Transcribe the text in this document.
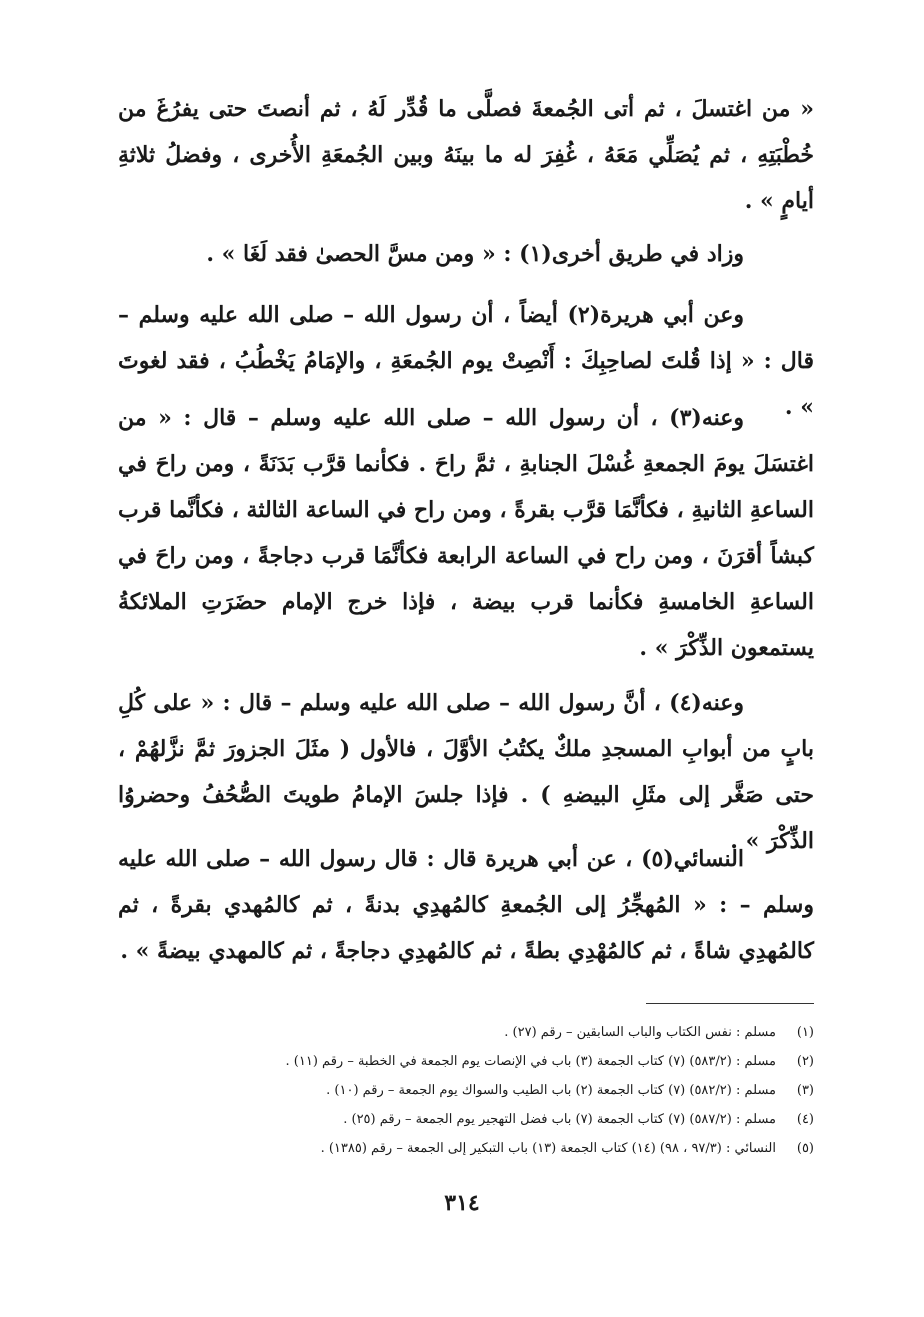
« من اغتسلَ ، ثم أتى الجُمعةَ فصلَّى ما قُدِّر لَهُ ، ثم أنصتَ حتى يفرُغَ من خُطْبَتِهِ ، ثم يُصَلِّي مَعَهُ ، غُفِرَ له ما بينَهُ وبين الجُمعَةِ الأُخرى ، وفضلُ ثلاثةِ أيامٍ » .

وزاد في طريق أخرى(١) : « ومن مسَّ الحصىٰ فقد لَغَا » .

وعن أبي هريرة(٢) أيضاً ، أن رسول الله – صلى الله عليه وسلم – قال : « إذا قُلتَ لصاحِبِكَ : أَنْصِتْ يوم الجُمعَةِ ، والإمَامُ يَخْطُبُ ، فقد لغوتَ » .

وعنه(٣) ، أن رسول الله – صلى الله عليه وسلم – قال : « من اغتسَلَ يومَ الجمعةِ غُسْلَ الجنابةِ ، ثمَّ راحَ . فكأنما قرَّب بَدَنَةً ، ومن راحَ في الساعةِ الثانيةِ ، فكأنَّمَا قرَّب بقرةً ، ومن راح في الساعة الثالثة ، فكأنَّما قرب كبشاً أقرَنَ ، ومن راح في الساعة الرابعة فكأنَّمَا قرب دجاجةً ، ومن راحَ في الساعةِ الخامسةِ فكأنما قرب بيضة ، فإذا خرج الإمام حضَرَتِ الملائكةُ يستمعون الذِّكْرَ » .

وعنه(٤) ، أنَّ رسول الله – صلى الله عليه وسلم – قال : « على كُلِ بابٍ من أبوابِ المسجدِ ملكٌ يكتُبُ الأوَّلَ ، فالأول ( مثَلَ الجزورَ ثمَّ نزَّلهُمْ ، حتى صَغَّر إلى مثَلِ البيضهِ ) . فإذا جلسَ الإمامُ طويتَ الصُّحُفُ وحضروُا الذِّكْرَ » .

النسائي(٥) ، عن أبي هريرة قال : قال رسول الله – صلى الله عليه وسلم – : « المُهجِّرُ إلى الجُمعةِ كالمُهدِي بدنةً ، ثم كالمُهدي بقرةً ، ثم كالمُهدِي شاةً ، ثم كالمُهْدِي بطةً ، ثم كالمُهدِي دجاجةً ، ثم كالمهدي بيضةً » .

(١)
مسلم : نفس الكتاب والباب السابقين – رقم (٢٧) .
(٢)
مسلم : (٥٨٣/٢) (٧) كتاب الجمعة (٣) باب في الإنصات يوم الجمعة في الخطبة – رقم (١١) .
(٣)
مسلم : (٥٨٢/٢) (٧) كتاب الجمعة (٢) باب الطيب والسواك يوم الجمعة – رقم (١٠) .
(٤)
مسلم : (٥٨٧/٢) (٧) كتاب الجمعة (٧) باب فضل التهجير يوم الجمعة – رقم (٢٥) .
(٥)
النسائي : (٩٧/٣ ، ٩٨) (١٤) كتاب الجمعة (١٣) باب التبكير إلى الجمعة – رقم (١٣٨٥) .
٣١٤
